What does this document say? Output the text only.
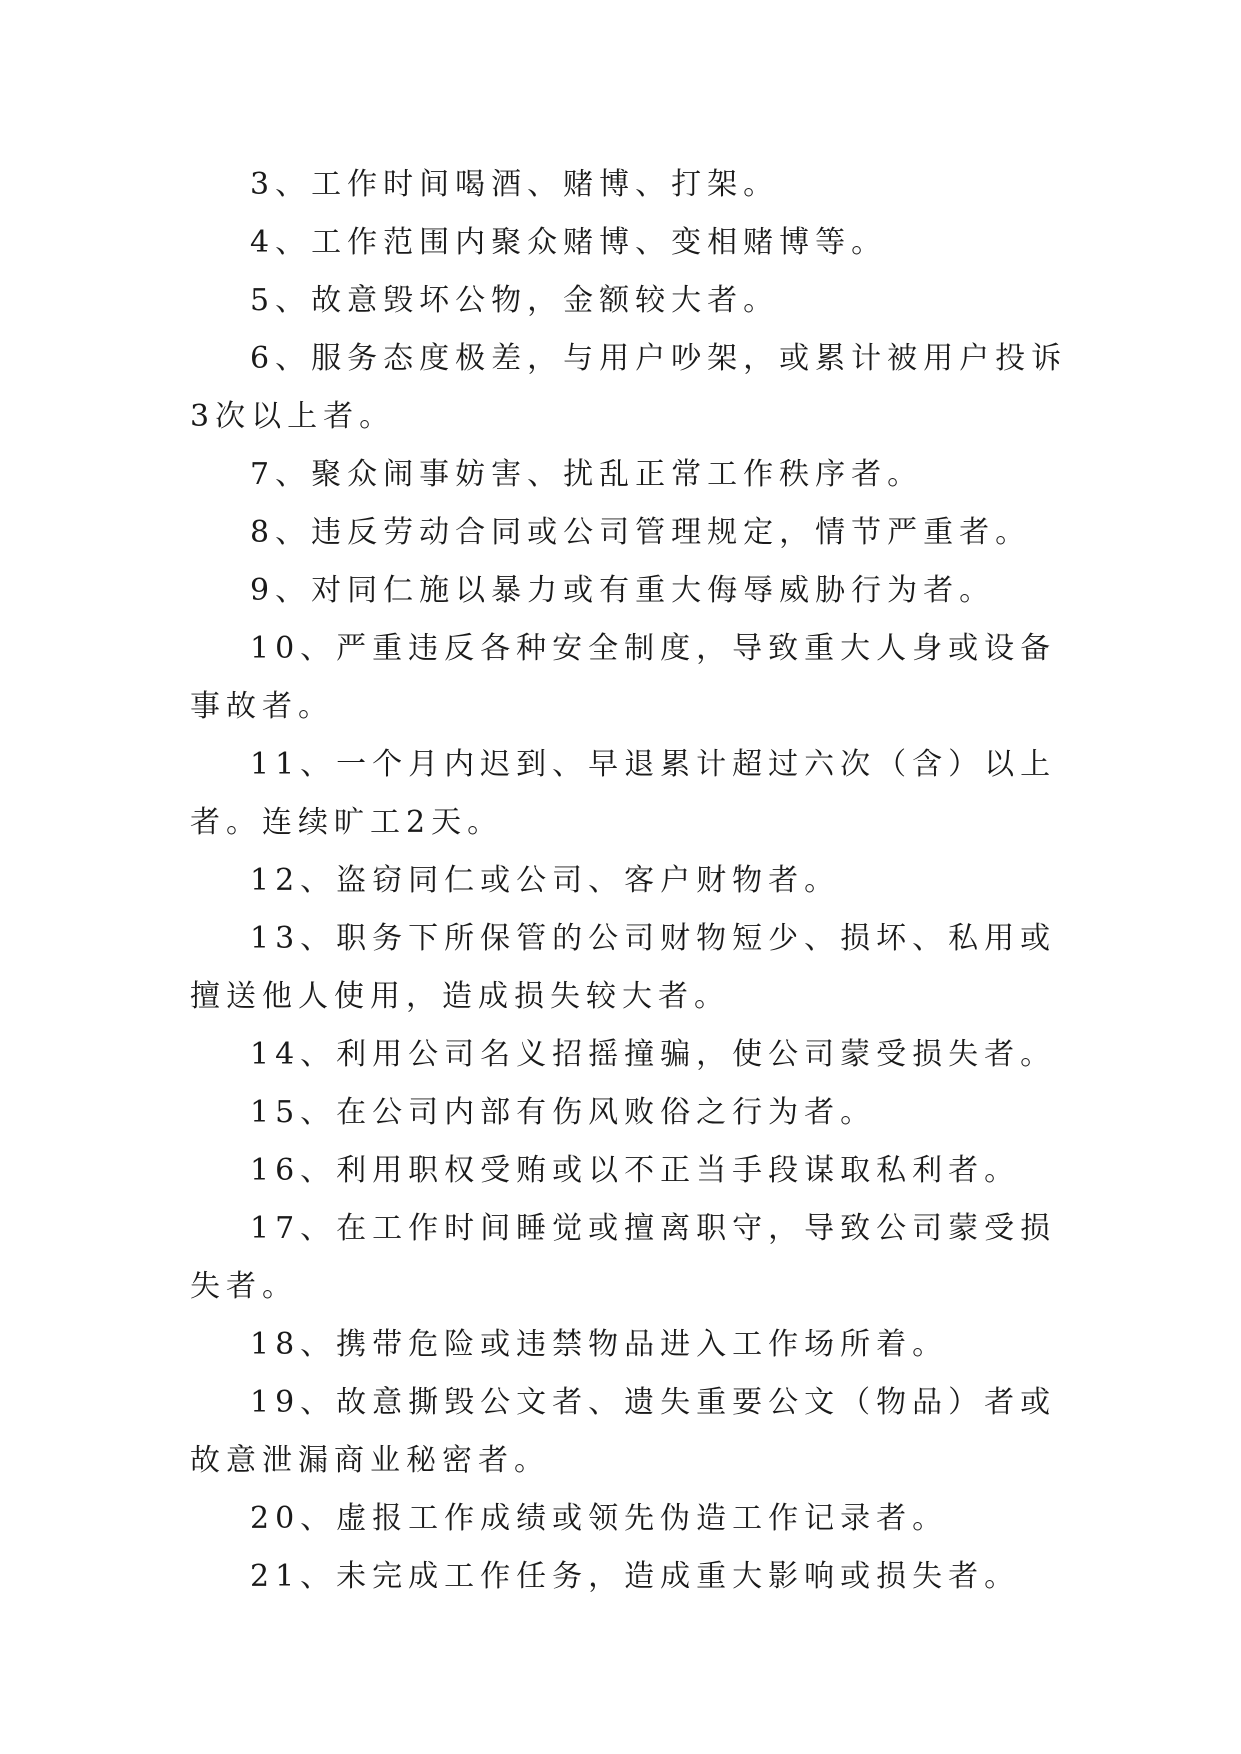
3、工作时间喝酒、赌博、打架。

4、工作范围内聚众赌博、变相赌博等。

5、故意毁坏公物，金额较大者。

6、服务态度极差，与用户吵架，或累计被用户投诉3次以上者。

7、聚众闹事妨害、扰乱正常工作秩序者。

8、违反劳动合同或公司管理规定，情节严重者。

9、对同仁施以暴力或有重大侮辱威胁行为者。

10、严重违反各种安全制度，导致重大人身或设备事故者。

11、一个月内迟到、早退累计超过六次（含）以上者。连续旷工2天。

12、盗窃同仁或公司、客户财物者。

13、职务下所保管的公司财物短少、损坏、私用或擅送他人使用，造成损失较大者。

14、利用公司名义招摇撞骗，使公司蒙受损失者。

15、在公司内部有伤风败俗之行为者。

16、利用职权受贿或以不正当手段谋取私利者。

17、在工作时间睡觉或擅离职守，导致公司蒙受损失者。

18、携带危险或违禁物品进入工作场所着。

19、故意撕毁公文者、遗失重要公文（物品）者或故意泄漏商业秘密者。

20、虚报工作成绩或领先伪造工作记录者。

21、未完成工作任务，造成重大影响或损失者。
